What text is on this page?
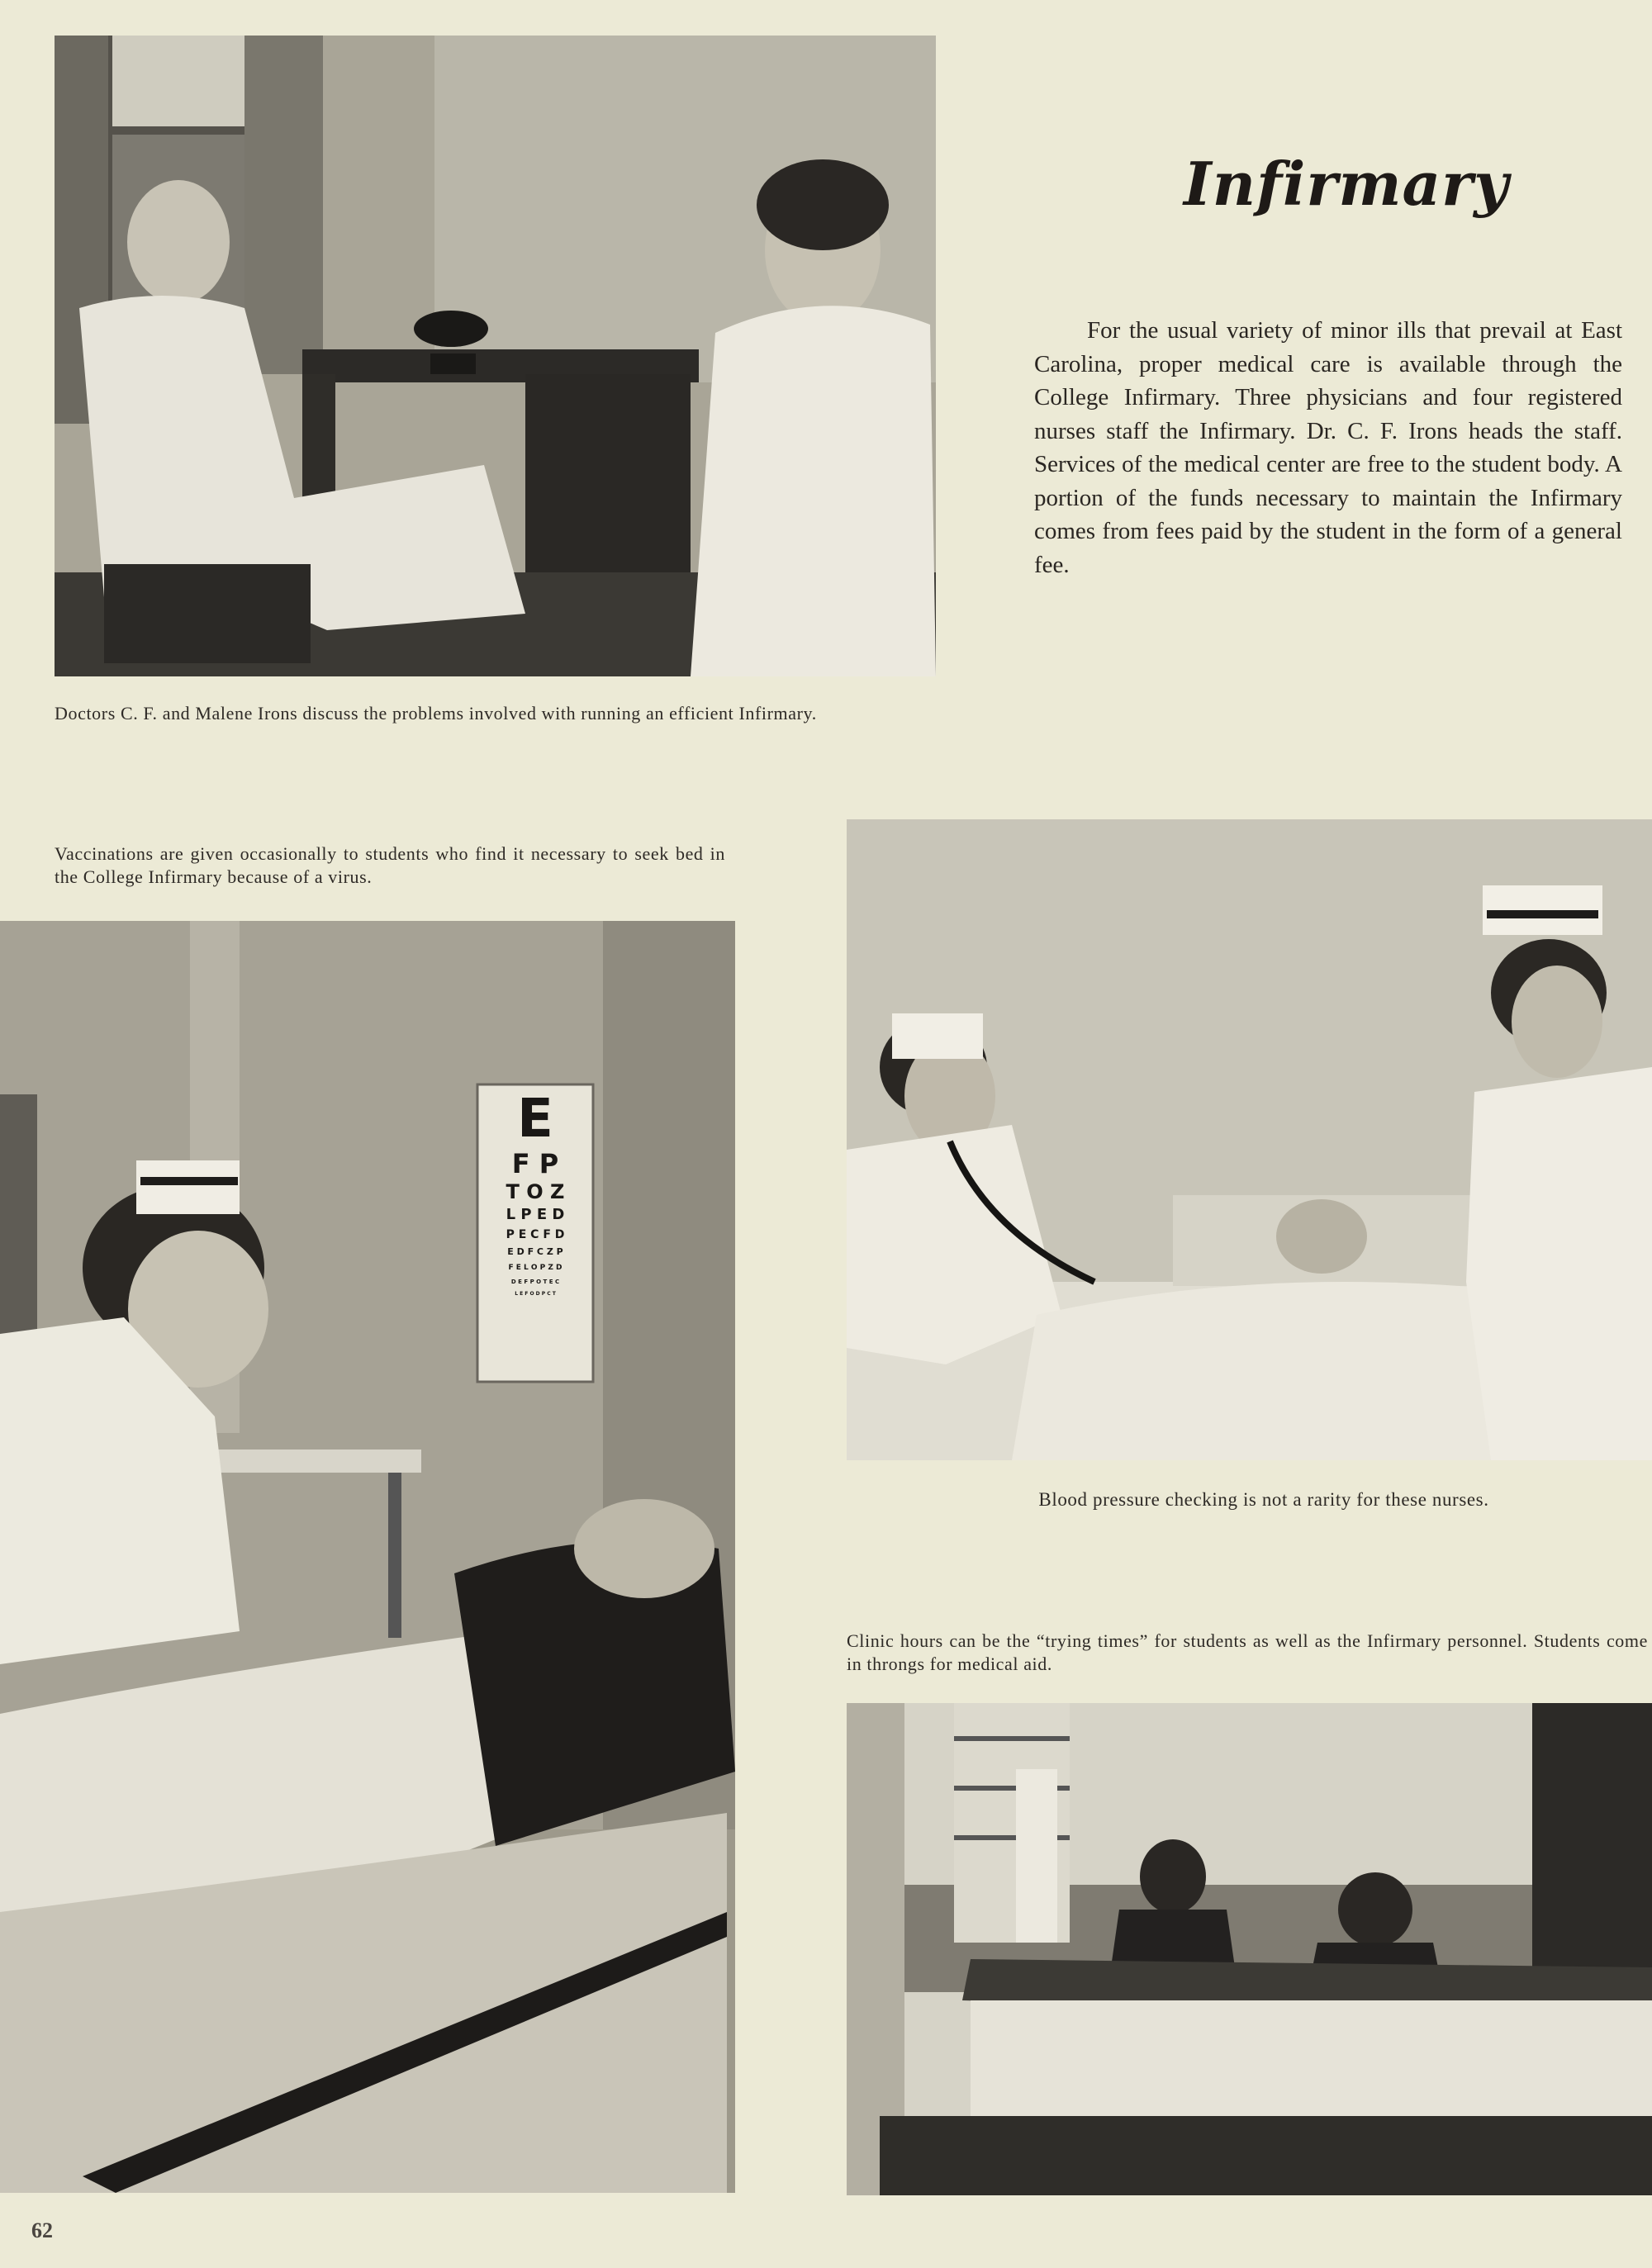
Infirmary
For the usual variety of minor ills that prevail at East Carolina, proper medical care is available through the College Infirmary. Three physicians and four registered nurses staff the Infirmary. Dr. C. F. Irons heads the staff. Services of the medical center are free to the student body. A portion of the funds necessary to maintain the Infirmary comes from fees paid by the student in the form of a general fee.
Doctors C. F. and Malene Irons discuss the problems involved with running an efficient Infirmary.
Vaccinations are given occasionally to students who find it necessary to seek bed in the College Infirmary because of a virus.
E
F P
T O Z
L P E D
P E C F D
E D F C Z P
F E L O P Z D
D E F P O T E C
L E F O D P C T
Blood pressure checking is not a rarity for these nurses.
Clinic hours can be the “trying times” for students as well as the Infirmary personnel. Students come in throngs for medical aid.
62
